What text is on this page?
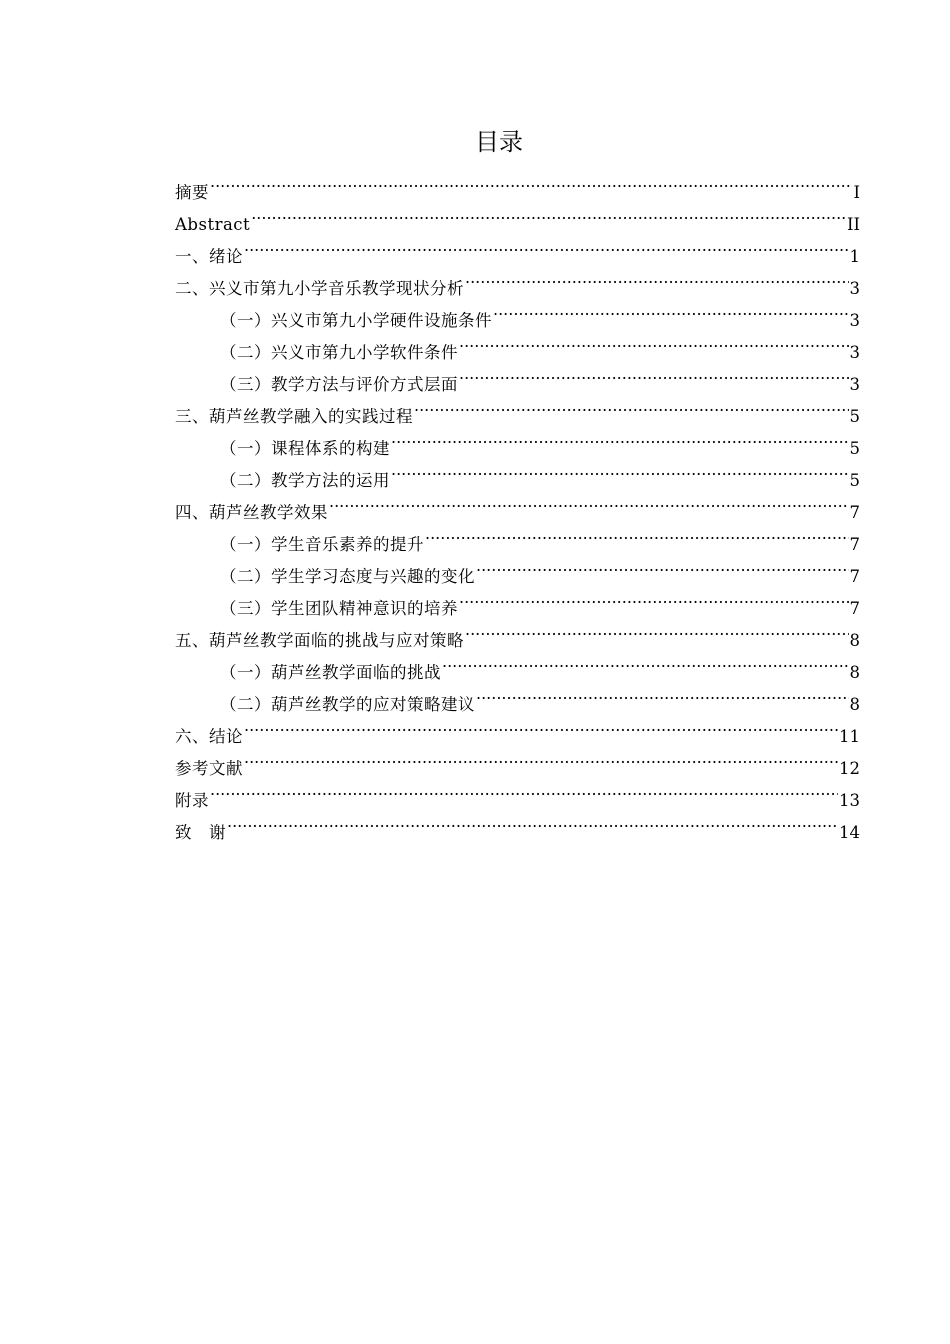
目录
摘要 .....	I
Abstract .....	II
一、绪论 .....	1
二、兴义市第九小学音乐教学现状分析 .....	3
（一）兴义市第九小学硬件设施条件 .....	3
（二）兴义市第九小学软件条件 .....	3
（三）教学方法与评价方式层面 .....	3
三、葫芦丝教学融入的实践过程 .....	5
（一）课程体系的构建 .....	5
（二）教学方法的运用 .....	5
四、葫芦丝教学效果 .....	7
（一）学生音乐素养的提升 .....	7
（二）学生学习态度与兴趣的变化 .....	7
（三）学生团队精神意识的培养 .....	7
五、葫芦丝教学面临的挑战与应对策略 .....	8
（一）葫芦丝教学面临的挑战 .....	8
（二）葫芦丝教学的应对策略建议 .....	8
六、结论 .....	11
参考文献 .....	12
附录 .....	13
致　谢 .....	14
